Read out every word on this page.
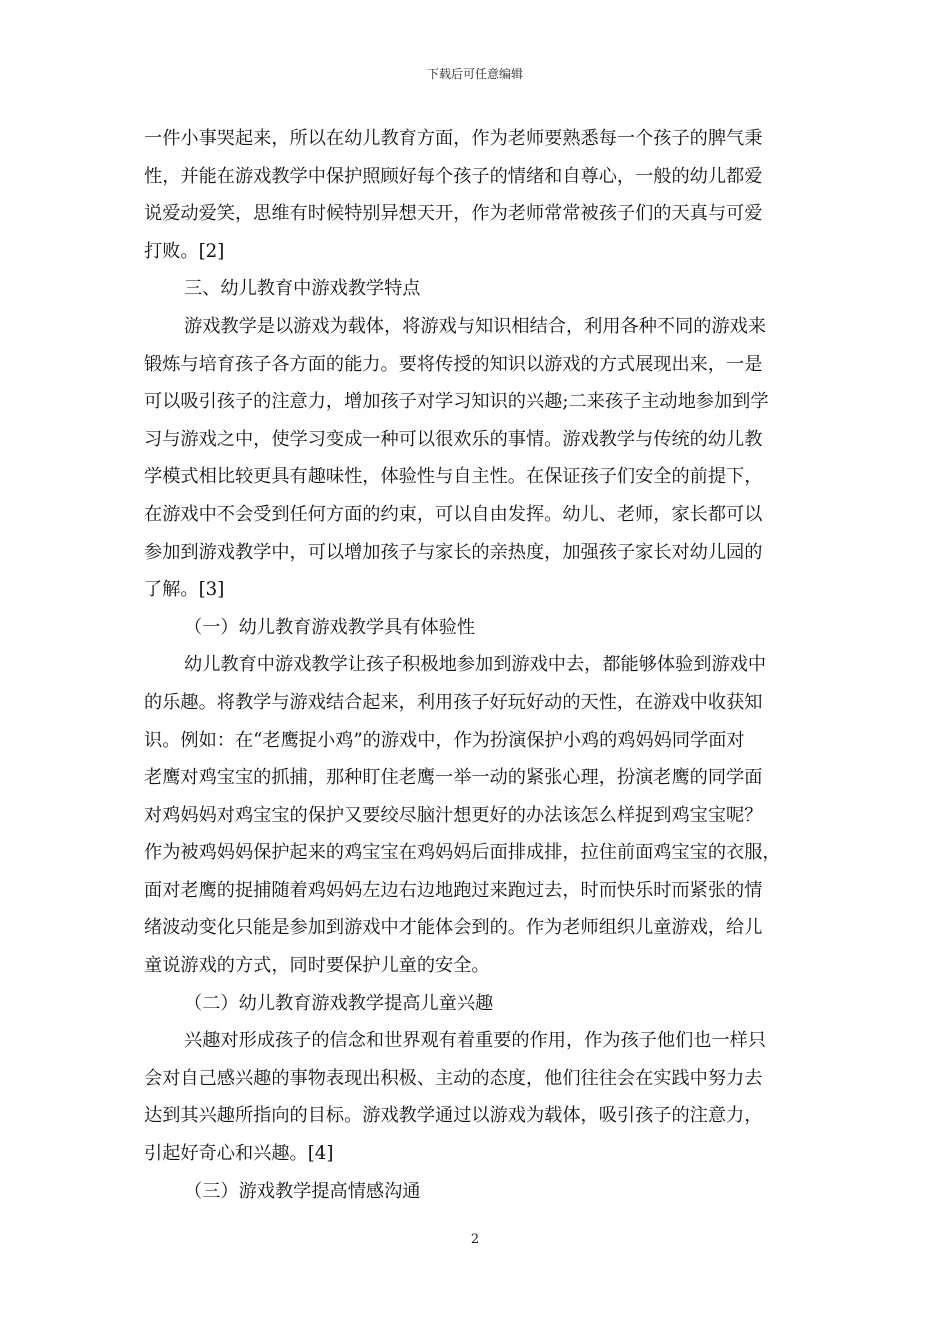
下载后可任意编辑
一件小事哭起来，所以在幼儿教育方面，作为老师要熟悉每一个孩子的脾气秉
性，并能在游戏教学中保护照顾好每个孩子的情绪和自尊心，一般的幼儿都爱
说爱动爱笑，思维有时候特别异想天开，作为老师常常被孩子们的天真与可爱
打败。[2]
三、幼儿教育中游戏教学特点
游戏教学是以游戏为载体，将游戏与知识相结合，利用各种不同的游戏来
锻炼与培育孩子各方面的能力。要将传授的知识以游戏的方式展现出来，一是
可以吸引孩子的注意力，增加孩子对学习知识的兴趣;二来孩子主动地参加到学
习与游戏之中，使学习变成一种可以很欢乐的事情。游戏教学与传统的幼儿教
学模式相比较更具有趣味性，体验性与自主性。在保证孩子们安全的前提下，
在游戏中不会受到任何方面的约束，可以自由发挥。幼儿、老师，家长都可以
参加到游戏教学中，可以增加孩子与家长的亲热度，加强孩子家长对幼儿园的
了解。[3]
（一）幼儿教育游戏教学具有体验性
幼儿教育中游戏教学让孩子积极地参加到游戏中去，都能够体验到游戏中
的乐趣。将教学与游戏结合起来，利用孩子好玩好动的天性，在游戏中收获知
识。例如：在“老鹰捉小鸡”的游戏中，作为扮演保护小鸡的鸡妈妈同学面对
老鹰对鸡宝宝的抓捕，那种盯住老鹰一举一动的紧张心理，扮演老鹰的同学面
对鸡妈妈对鸡宝宝的保护又要绞尽脑汁想更好的办法该怎么样捉到鸡宝宝呢？
作为被鸡妈妈保护起来的鸡宝宝在鸡妈妈后面排成排，拉住前面鸡宝宝的衣服，
面对老鹰的捉捕随着鸡妈妈左边右边地跑过来跑过去，时而快乐时而紧张的情
绪波动变化只能是参加到游戏中才能体会到的。作为老师组织儿童游戏，给儿
童说游戏的方式，同时要保护儿童的安全。
（二）幼儿教育游戏教学提高儿童兴趣
兴趣对形成孩子的信念和世界观有着重要的作用，作为孩子他们也一样只
会对自己感兴趣的事物表现出积极、主动的态度，他们往往会在实践中努力去
达到其兴趣所指向的目标。游戏教学通过以游戏为载体，吸引孩子的注意力，
引起好奇心和兴趣。[4]
（三）游戏教学提高情感沟通
2
